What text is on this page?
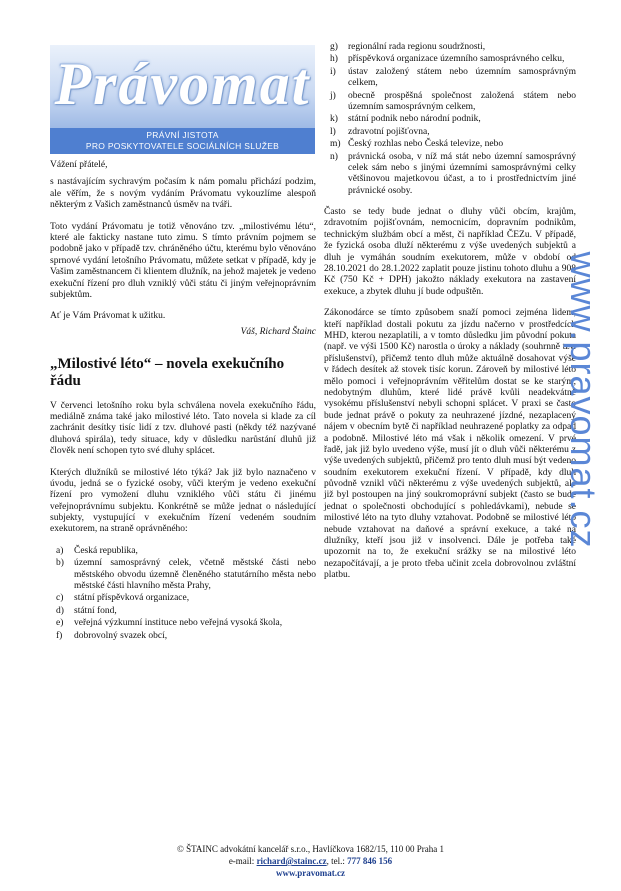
Právomat
PRÁVNÍ JISTOTA
PRO POSKYTOVATELE SOCIÁLNÍCH SLUŽEB

Vážení přátelé,

s nastávajícím sychravým počasím k nám pomalu přichází podzim, ale věřím, že s novým vydáním Právomatu vykouzlíme alespoň některým z Vašich zaměstnanců úsměv na tváři.

Toto vydání Právomatu je totiž věnováno tzv. „milostivému létu“, které ale fakticky nastane tuto zimu. S tímto právním pojmem se podobně jako v případě tzv. chráněného účtu, kterému bylo věnováno sprnové vydání letošního Právomatu, můžete setkat v případě, kdy je Vašim zaměstnancem či klientem dlužník, na jehož majetek je vedeno exekuční řízení pro dluh vzniklý vůči státu či jiným veřejnoprávním subjektům.

Ať je Vám Právomat k užitku.

Váš, Richard Štainc

„Milostivé léto“ – novela exekučního řádu

V červenci letošního roku byla schválena novela exekučního řádu, mediálně známa také jako milostivé léto. Tato novela si klade za cíl zachránit desítky tisíc lidí z tzv. dluhové pasti (někdy též nazývané dluhová spirála), tedy situace, kdy v důsledku narůstání dluhů již člověk není schopen tyto své dluhy splácet.

Kterých dlužníků se milostivé léto týká? Jak již bylo naznačeno v úvodu, jedná se o fyzické osoby, vůči kterým je vedeno exekuční řízení pro vymožení dluhu vzniklého vůči státu či jinému veřejnoprávnímu subjektu. Konkrétně se může jednat o následující subjekty, vystupující v exekučním řízení vedeném soudním exekutorem, na straně oprávněného:

a)	Česká republika,
b)	územní samosprávný celek, včetně městské části nebo městského obvodu územně členěného statutárního města nebo městské části hlavního města Prahy,
c)	státní příspěvková organizace,
d)	státní fond,
e)	veřejná výzkumní instituce nebo veřejná vysoká škola,
f)	dobrovolný svazek obcí,
g)	regionální rada regionu soudržnosti,
h)	příspěvková organizace územního samosprávného celku,
i)	ústav založený státem nebo územním samosprávným celkem,
j)	obecně prospěšná společnost založená státem nebo územním samosprávným celkem,
k)	státní podnik nebo národní podnik,
l)	zdravotní pojišťovna,
m) Český rozhlas nebo Česká televize, nebo
n)	právnická osoba, v níž má stát nebo územní samosprávný celek sám nebo s jinými územními samosprávnými celky většinovou majetkovou účast, a to i prostřednictvím jiné právnické osoby.

Často se tedy bude jednat o dluhy vůči obcím, krajům, zdravotním pojišťovnám, nemocnicím, dopravním podnikům, technickým službám obcí a měst, či například ČEZu. V případě, že fyzická osoba dluží některému z výše uvedených subjektů a dluh je vymáhán soudním exekutorem, může v období od 28.10.2021 do 28.1.2022 zaplatit pouze jistinu tohoto dluhu a 908 Kč (750 Kč + DPH) jakožto náklady exekutora na zastavení exekuce, a zbytek dluhu jí bude odpuštěn.

Zákonodárce se tímto způsobem snaží pomoci zejména lidem, kteří například dostali pokutu za jízdu načerno v prostředcích MHD, kterou nezaplatili, a v tomto důsledku jim původní pokuta (např. ve výši 1500 Kč) narostla o úroky a náklady (souhrnně tzv. příslušenství), přičemž tento dluh může aktuálně dosahovat výše v řádech desítek až stovek tisíc korun. Zároveň by milostivé léto mělo pomoci i veřejnoprávním věřitelům dostat se ke starým, nedobytným dluhům, které lidé právě kvůli neadekvátně vysokému příslušenství nebyli schopni splácet. V praxi se často bude jednat právě o pokuty za neuhrazené jízdné, nezaplacený nájem v obecním bytě či například neuhrazené poplatky za odpad a podobně. Milostivé léto má však i několik omezení. V prvé řadě, jak již bylo uvedeno výše, musí jít o dluh vůči některému z výše uvedených subjektů, přičemž pro tento dluh musí být vedeno soudním exekutorem exekuční řízení. V případě, kdy dluh původně vznikl vůči některému z výše uvedených subjektů, ale již byl postoupen na jiný soukromoprávní subjekt (často se bude jednat o společnosti obchodující s pohledávkami), nebude se milostivé léto na tyto dluhy vztahovat. Podobně se milostivé léto nebude vztahovat na daňové a správní exekuce, a také na dlužníky, kteří jsou již v insolvenci. Dále je potřeba také upozornit na to, že exekuční srážky se na milostivé léto nezapočítávají, a je proto třeba učinit zcela dobrovolnou zvláštní platbu.

www.pravomat.cz
© ŠTAINC advokátní kancelář s.r.o., Havlíčkova 1682/15, 110 00 Praha 1
e-mail: richard@stainc.cz, tel.: 777 846 156
www.pravomat.cz
